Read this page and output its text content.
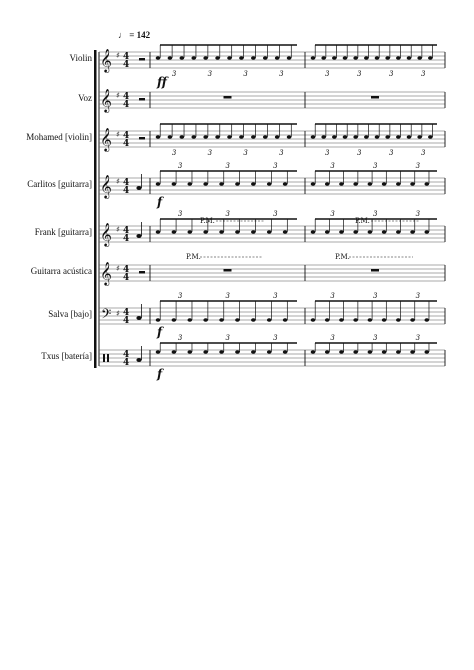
𝄞 ♯ 4
4
3	3	3	3	3	3	3	3
ff
𝄞 ♯ 4
4
𝄞 ♯ 4
4
3	3	3	3	3	3	3	3
𝄞 ♯ 4
4
3	3	3	3	3	3
f
𝄞 ♯ 4
4
3	3	3
P.M.
3	3	3
P.M.
𝄞 ♯ 4
4
P.M.	P.M.
𝄢 ♯ 4
4
3	3	3	3	3	3
f
4
4
3	3	3	3	3	3
f
♩ = 142
Violin
Voz
Mohamed [violin]
Carlitos [guitarra]
Frank [guitarra]
Guitarra acústica
Salva [bajo]
Txus [batería]
